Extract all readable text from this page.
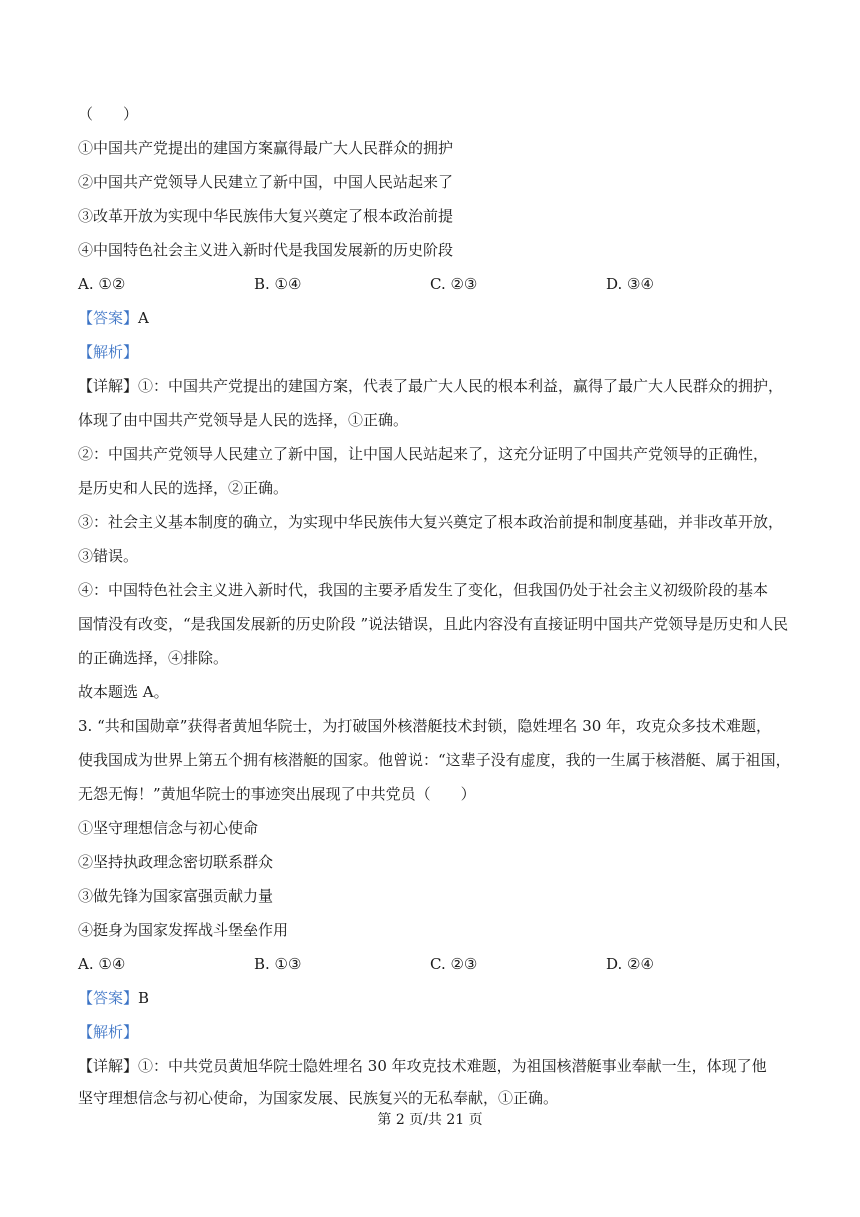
（　　）
①中国共产党提出的建国方案赢得最广大人民群众的拥护
②中国共产党领导人民建立了新中国，中国人民站起来了
③改革开放为实现中华民族伟大复兴奠定了根本政治前提
④中国特色社会主义进入新时代是我国发展新的历史阶段
A. ①②	B. ①④	C. ②③	D. ③④
【答案】A
【解析】
【详解】①：中国共产党提出的建国方案，代表了最广大人民的根本利益，赢得了最广大人民群众的拥护，
体现了由中国共产党领导是人民的选择，①正确。
②：中国共产党领导人民建立了新中国，让中国人民站起来了，这充分证明了中国共产党领导的正确性，
是历史和人民的选择，②正确。
③：社会主义基本制度的确立，为实现中华民族伟大复兴奠定了根本政治前提和制度基础，并非改革开放，
③错误。
④：中国特色社会主义进入新时代，我国的主要矛盾发生了变化，但我国仍处于社会主义初级阶段的基本
国情没有改变，“是我国发展新的历史阶段 ”说法错误，且此内容没有直接证明中国共产党领导是历史和人民
的正确选择，④排除。
故本题选 A。
3. “共和国勋章”获得者黄旭华院士，为打破国外核潜艇技术封锁，隐姓埋名 30 年，攻克众多技术难题，
使我国成为世界上第五个拥有核潜艇的国家。他曾说：“这辈子没有虚度，我的一生属于核潜艇、属于祖国，
无怨无悔！”黄旭华院士的事迹突出展现了中共党员（　　）
①坚守理想信念与初心使命
②坚持执政理念密切联系群众
③做先锋为国家富强贡献力量
④挺身为国家发挥战斗堡垒作用
A. ①④	B. ①③	C. ②③	D. ②④
【答案】B
【解析】
【详解】①：中共党员黄旭华院士隐姓埋名 30 年攻克技术难题，为祖国核潜艇事业奉献一生，体现了他
坚守理想信念与初心使命，为国家发展、民族复兴的无私奉献，①正确。
第 2 页/共 21 页
